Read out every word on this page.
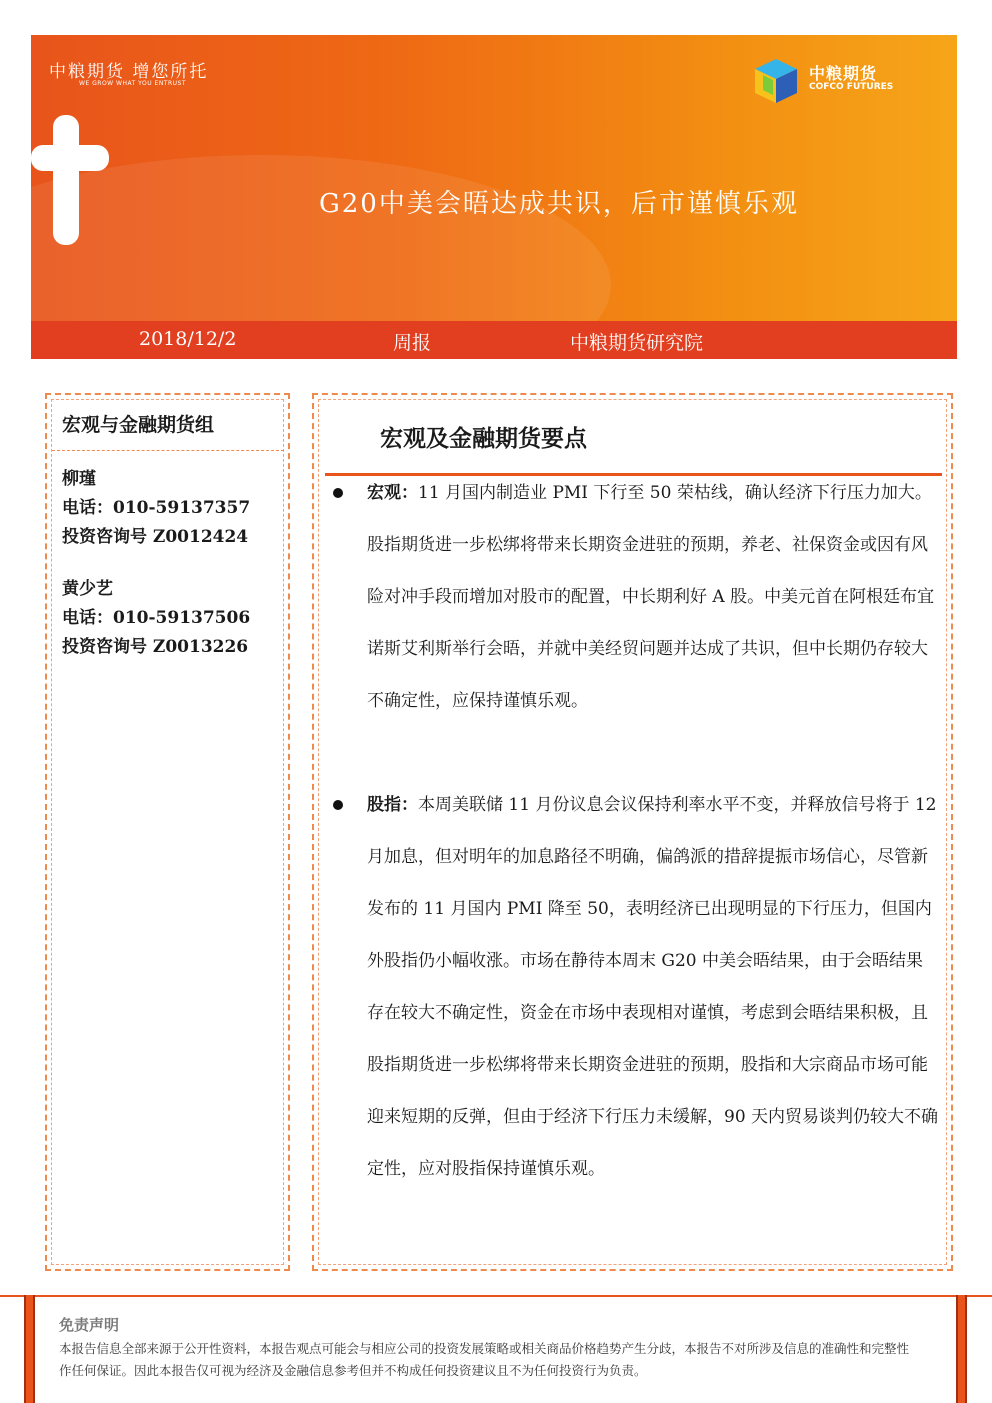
中粮期货 增您所托
WE GROW WHAT YOU ENTRUST
中粮期货
COFCO FUTURES
G20中美会晤达成共识，后市谨慎乐观
2018/12/2	周报	中粮期货研究院
宏观与金融期货组
柳瑾
电话：010-59137357
投资咨询号 Z0012424
黄少艺
电话：010-59137506
投资咨询号 Z0013226
宏观及金融期货要点
宏观：11 月国内制造业 PMI 下行至 50 荣枯线，确认经济下行压力加大。股指期货进一步松绑将带来长期资金进驻的预期，养老、社保资金或因有风险对冲手段而增加对股市的配置，中长期利好 A 股。中美元首在阿根廷布宜诺斯艾利斯举行会晤，并就中美经贸问题并达成了共识，但中长期仍存较大不确定性，应保持谨慎乐观。
股指：本周美联储 11 月份议息会议保持利率水平不变，并释放信号将于 12 月加息，但对明年的加息路径不明确，偏鸽派的措辞提振市场信心，尽管新发布的 11 月国内 PMI 降至 50，表明经济已出现明显的下行压力，但国内外股指仍小幅收涨。市场在静待本周末 G20 中美会晤结果，由于会晤结果存在较大不确定性，资金在市场中表现相对谨慎，考虑到会晤结果积极，且股指期货进一步松绑将带来长期资金进驻的预期，股指和大宗商品市场可能迎来短期的反弹，但由于经济下行压力未缓解，90 天内贸易谈判仍较大不确定性，应对股指保持谨慎乐观。
免责声明
本报告信息全部来源于公开性资料，本报告观点可能会与相应公司的投资发展策略或相关商品价格趋势产生分歧，本报告不对所涉及信息的准确性和完整性作任何保证。因此本报告仅可视为经济及金融信息参考但并不构成任何投资建议且不为任何投资行为负责。
